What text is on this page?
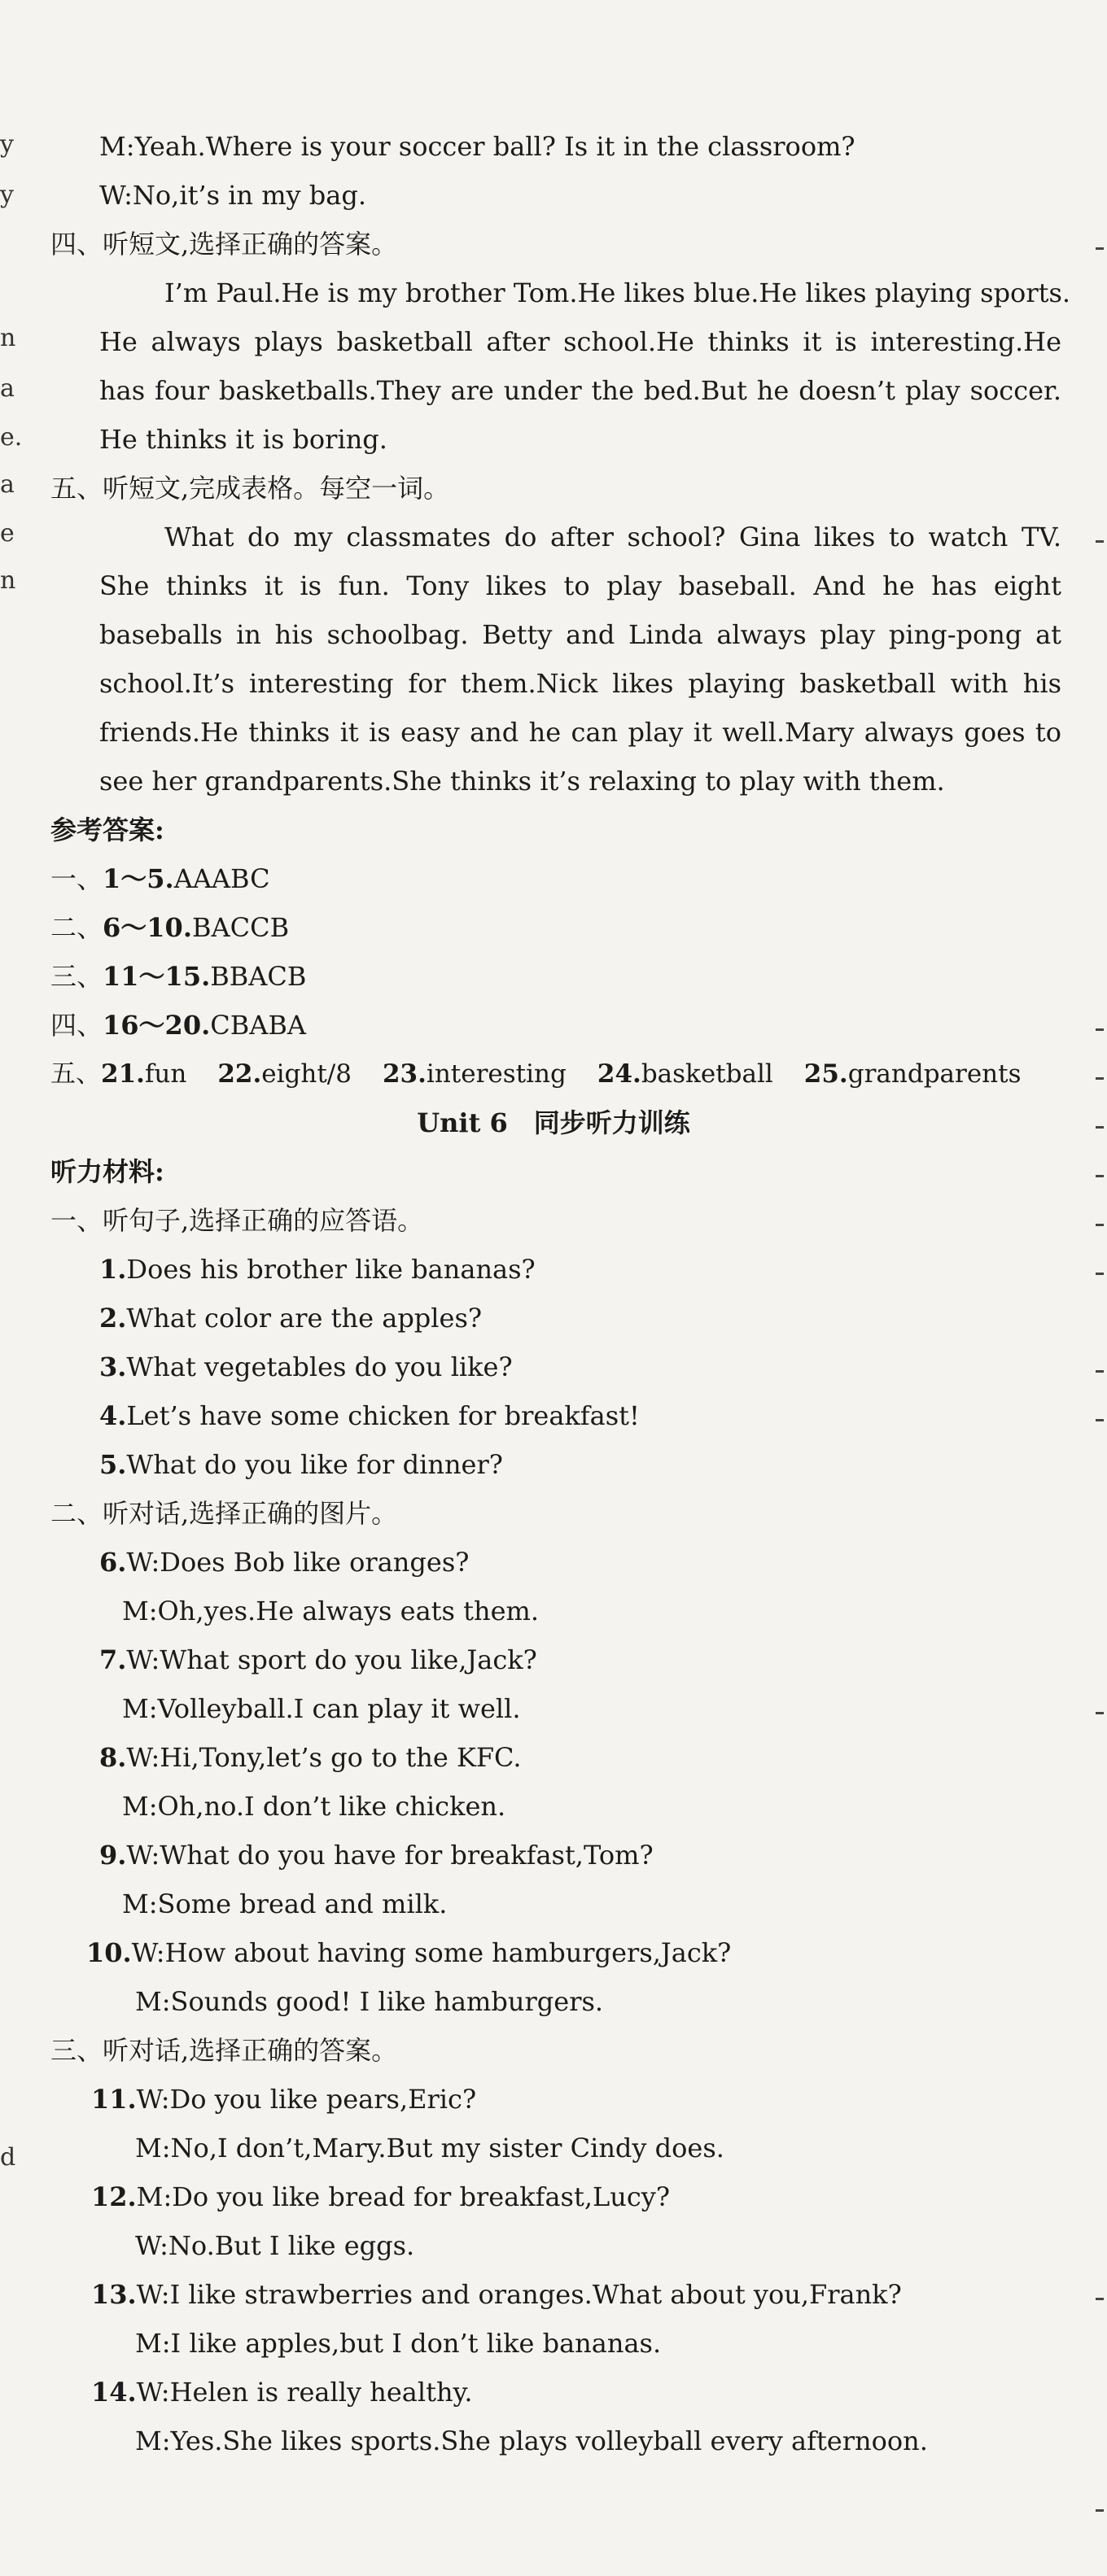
y
y
n
a
e.
a
e
n
d
M:Yeah.Where is your soccer ball? Is it in the classroom?
W:No,it’s in my bag.
四、听短文,选择正确的答案。
I’m Paul.He is my brother Tom.He likes blue.He likes playing sports.
He always plays basketball after school.He thinks it is interesting.He
has four basketballs.They are under the bed.But he doesn’t play soccer.
He thinks it is boring.
五、听短文,完成表格。每空一词。
What do my classmates do after school? Gina likes to watch TV.
She thinks it is fun. Tony likes to play baseball. And he has eight
baseballs in his schoolbag. Betty and Linda always play ping-pong at
school.It’s interesting for them.Nick likes playing basketball with his
friends.He thinks it is easy and he can play it well.Mary always goes to
see her grandparents.She thinks it’s relaxing to play with them.
参考答案:
一、1～5.AAABC
二、6～10.BACCB
三、11～15.BBACB
四、16～20.CBABA
五、21.fun 22.eight/8 23.interesting 24.basketball 25.grandparents
Unit 6　同步听力训练
听力材料:
一、听句子,选择正确的应答语。
1.Does his brother like bananas?
2.What color are the apples?
3.What vegetables do you like?
4.Let’s have some chicken for breakfast!
5.What do you like for dinner?
二、听对话,选择正确的图片。
6.W:Does Bob like oranges?
M:Oh,yes.He always eats them.
7.W:What sport do you like,Jack?
M:Volleyball.I can play it well.
8.W:Hi,Tony,let’s go to the KFC.
M:Oh,no.I don’t like chicken.
9.W:What do you have for breakfast,Tom?
M:Some bread and milk.
10.W:How about having some hamburgers,Jack?
M:Sounds good! I like hamburgers.
三、听对话,选择正确的答案。
11.W:Do you like pears,Eric?
M:No,I don’t,Mary.But my sister Cindy does.
12.M:Do you like bread for breakfast,Lucy?
W:No.But I like eggs.
13.W:I like strawberries and oranges.What about you,Frank?
M:I like apples,but I don’t like bananas.
14.W:Helen is really healthy.
M:Yes.She likes sports.She plays volleyball every afternoon.
